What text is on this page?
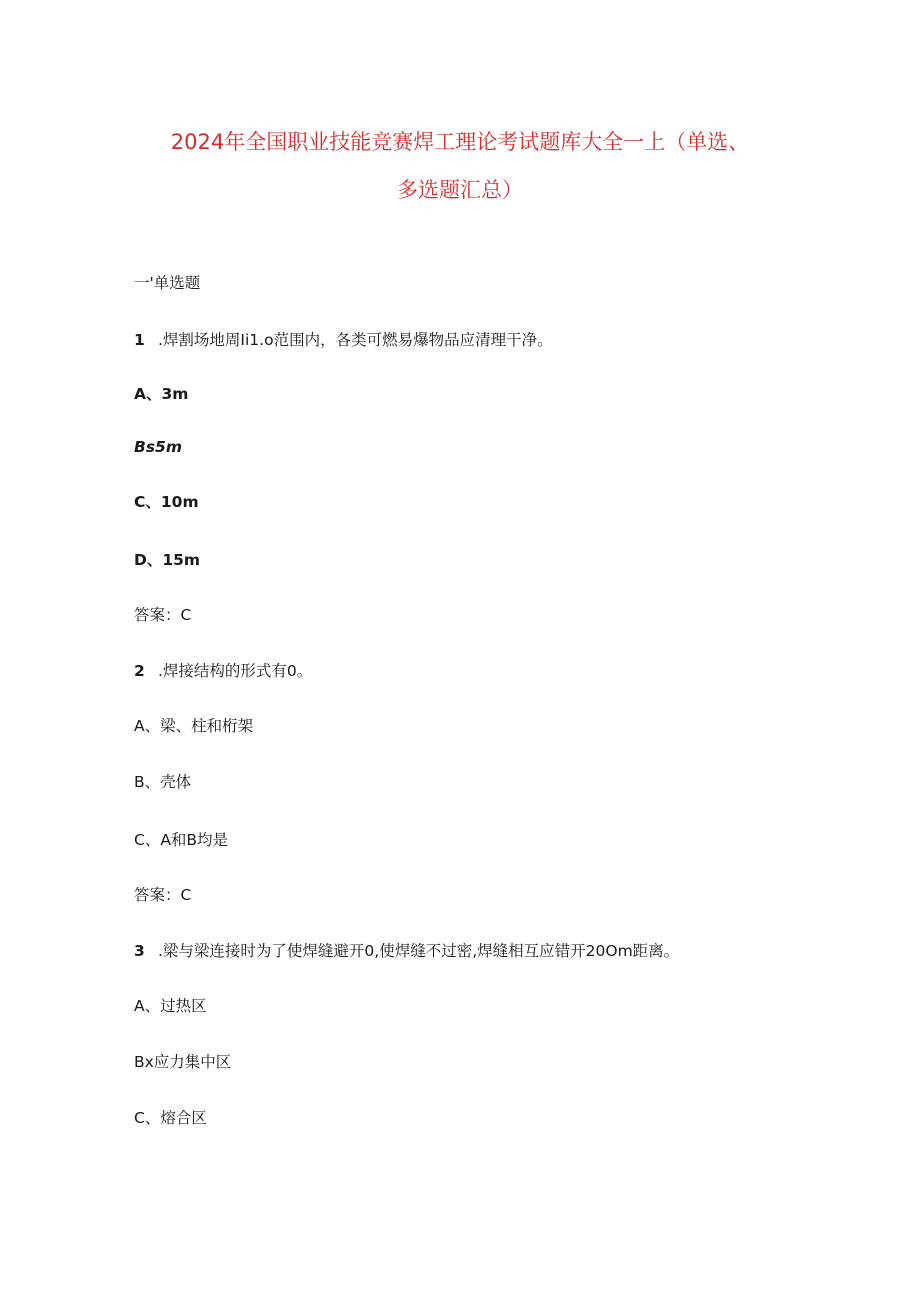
2024年全国职业技能竞赛焊工理论考试题库大全一上（单选、
多选题汇总）
一'单选题
1 .焊割场地周Ii1.o范围内，各类可燃易爆物品应清理干净。
A、3m
Bs5m
C、10m
D、15m
答案：C
2 .焊接结构的形式有0。
A、梁、柱和桁架
B、壳体
C、A和B均是
答案：C
3 .梁与梁连接时为了使焊缝避开0,使焊缝不过密,焊缝相互应错开20Om距离。
A、过热区
Bx应力集中区
C、熔合区
